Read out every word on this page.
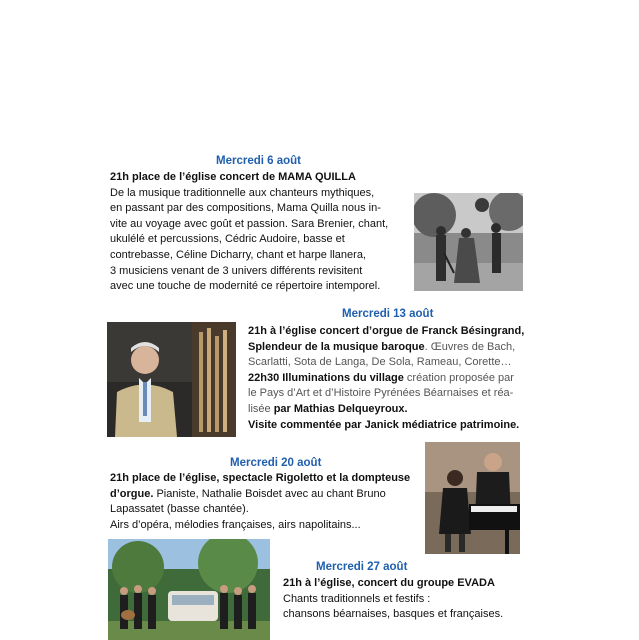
Mercredi 6 août
21h place de l’église concert de MAMA QUILLA
De la musique traditionnelle aux chanteurs mythiques,
en passant par des compositions, Mama Quilla nous in-
vite au voyage avec goût et passion. Sara Brenier, chant,
ukulélé et percussions, Cédric Audoire, basse et
contrebasse, Céline Dicharry, chant et harpe llanera,
3 musiciens venant de 3 univers différents revisitent
avec une touche de modernité ce répertoire intemporel.
Mercredi 13 août
21h à l’église concert d’orgue de Franck Bésingrand,
Splendeur de la musique baroque. Œuvres de Bach,
Scarlatti, Sota de Langa, De Sola, Rameau, Corette…
22h30 Illuminations du village création proposée par
le Pays d’Art et d’Histoire Pyrénées Béarnaises et réa-
lisée par Mathias Delqueyroux.
Visite commentée par Janick médiatrice patrimoine.
Mercredi 20 août
21h place de l’église, spectacle Rigoletto et la dompteuse
d’orgue. Pianiste, Nathalie Boisdet avec au chant Bruno
Lapassatet (basse chantée).
Airs d’opéra, mélodies françaises, airs napolitains...
Mercredi 27 août
21h à l’église, concert du groupe EVADA
Chants traditionnels et festifs :
chansons béarnaises, basques et françaises.
